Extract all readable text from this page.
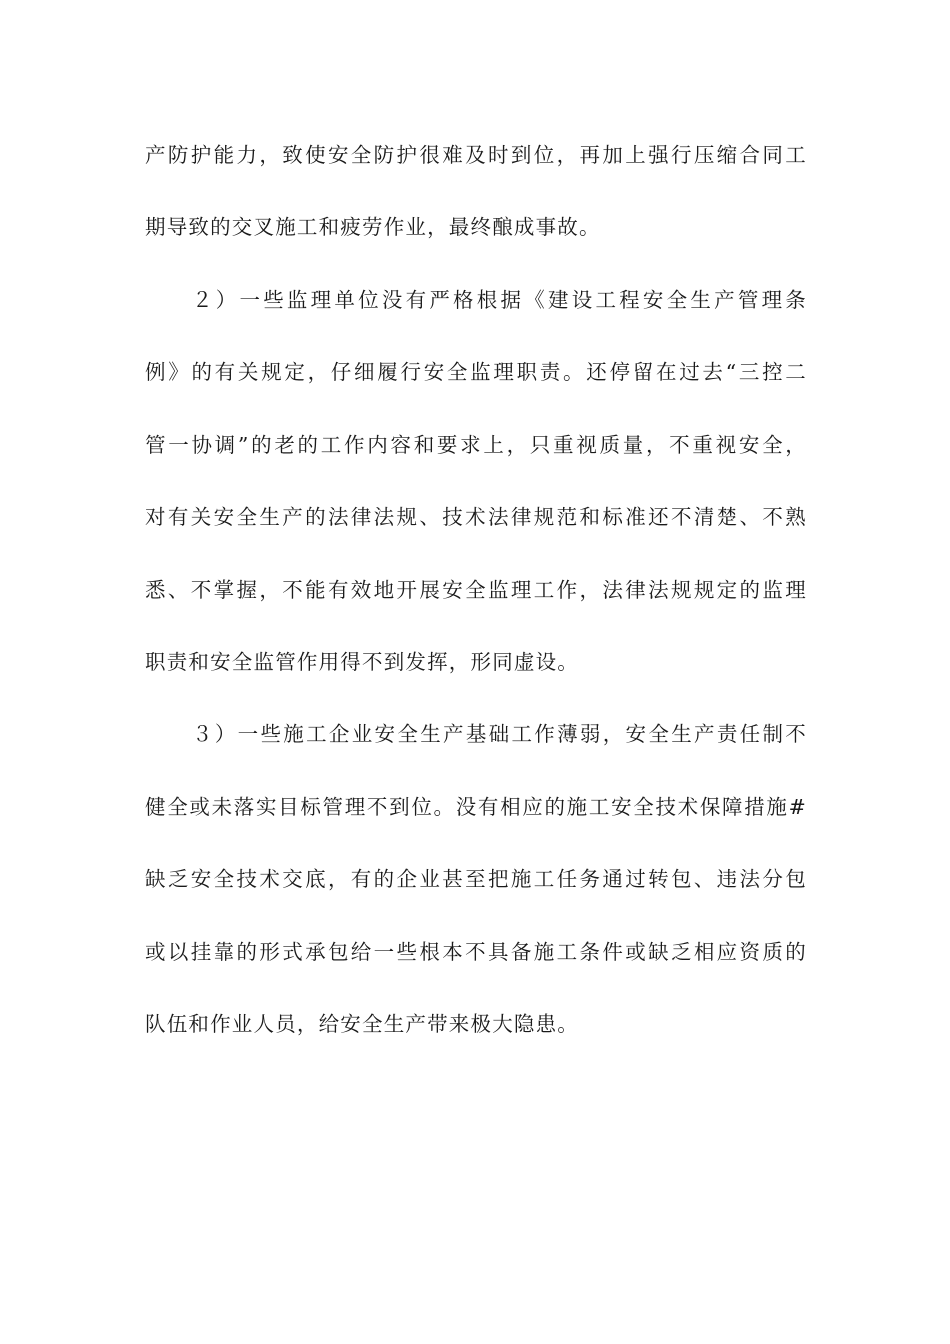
产防护能力，致使安全防护很难及时到位，再加上强行压缩合同工
期导致的交叉施工和疲劳作业，最终酿成事故。
２）一些监理单位没有严格根据《建设工程安全生产管理条
例》的有关规定，仔细履行安全监理职责。还停留在过去“三控二
管一协调”的老的工作内容和要求上，只重视质量，不重视安全，
对有关安全生产的法律法规、技术法律规范和标准还不清楚、不熟
悉、不掌握，不能有效地开展安全监理工作，法律法规规定的监理
职责和安全监管作用得不到发挥，形同虚设。
３）一些施工企业安全生产基础工作薄弱，安全生产责任制不
健全或未落实目标管理不到位。没有相应的施工安全技术保障措施#
缺乏安全技术交底，有的企业甚至把施工任务通过转包、违法分包
或以挂靠的形式承包给一些根本不具备施工条件或缺乏相应资质的
队伍和作业人员，给安全生产带来极大隐患。
